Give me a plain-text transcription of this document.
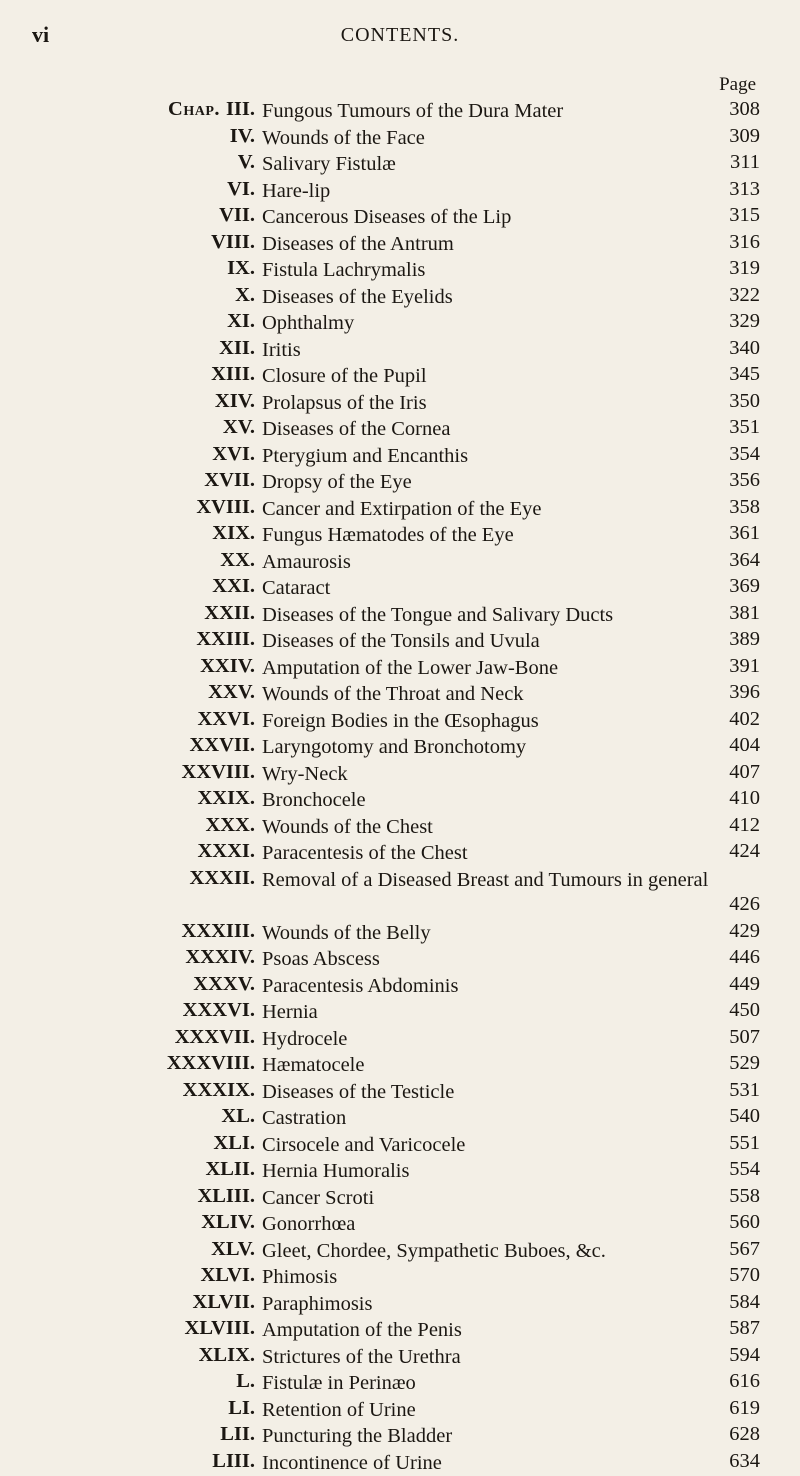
vi	CONTENTS.
Page
Chap. III. Fungous Tumours of the Dura Mater	308
IV. Wounds of the Face	309
V. Salivary Fistulæ	311
VI. Hare-lip	313
VII. Cancerous Diseases of the Lip	315
VIII. Diseases of the Antrum	316
IX. Fistula Lachrymalis	319
X. Diseases of the Eyelids	322
XI. Ophthalmy	329
XII. Iritis	340
XIII. Closure of the Pupil	345
XIV. Prolapsus of the Iris	350
XV. Diseases of the Cornea	351
XVI. Pterygium and Encanthis	354
XVII. Dropsy of the Eye	356
XVIII. Cancer and Extirpation of the Eye	358
XIX. Fungus Hæmatodes of the Eye	361
XX. Amaurosis	364
XXI. Cataract	369
XXII. Diseases of the Tongue and Salivary Ducts	381
XXIII. Diseases of the Tonsils and Uvula	389
XXIV. Amputation of the Lower Jaw-Bone	391
XXV. Wounds of the Throat and Neck	396
XXVI. Foreign Bodies in the Œsophagus	402
XXVII. Laryngotomy and Bronchotomy	404
XXVIII. Wry-Neck	407
XXIX. Bronchocele	410
XXX. Wounds of the Chest	412
XXXI. Paracentesis of the Chest	424
XXXII. Removal of a Diseased Breast and Tumours in general
426
XXXIII. Wounds of the Belly	429
XXXIV. Psoas Abscess	446
XXXV. Paracentesis Abdominis	449
XXXVI. Hernia	450
XXXVII. Hydrocele	507
XXXVIII. Hæmatocele	529
XXXIX. Diseases of the Testicle	531
XL. Castration	540
XLI. Cirsocele and Varicocele	551
XLII. Hernia Humoralis	554
XLIII. Cancer Scroti	558
XLIV. Gonorrhœa	560
XLV. Gleet, Chordee, Sympathetic Buboes, &c.	567
XLVI. Phimosis	570
XLVII. Paraphimosis	584
XLVIII. Amputation of the Penis	587
XLIX. Strictures of the Urethra	594
L. Fistulæ in Perinæo	616
LI. Retention of Urine	619
LII. Puncturing the Bladder	628
LIII. Incontinence of Urine	634
